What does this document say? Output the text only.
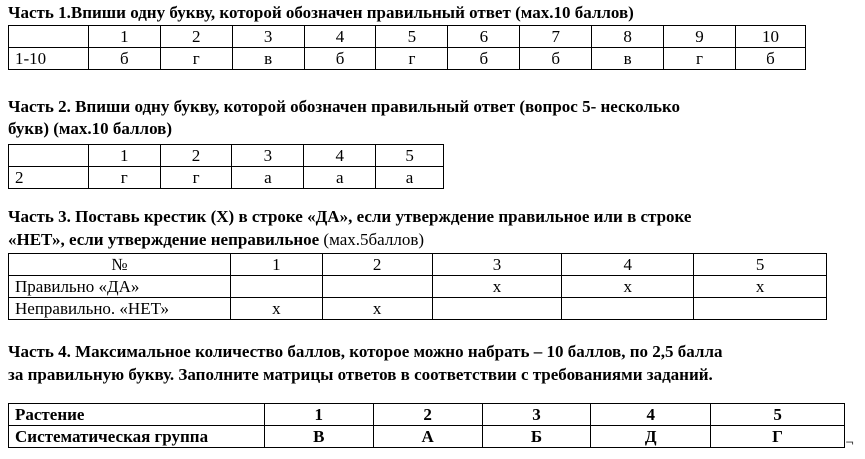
Часть 1.Впиши одну букву, которой обозначен правильный ответ (мах.10 баллов)
	1	2	3	4	5	6	7	8	9	10
1-10	б	г	в	б	г	б	б	в	г	б
Часть 2. Впиши одну букву, которой обозначен правильный ответ (вопрос 5- несколько
букв) (мах.10 баллов)
	1	2	3	4	5
2	г	г	а	а	а
Часть 3. Поставь крестик (Х) в строке «ДА», если утверждение правильное или в строке
«НЕТ», если утверждение неправильное (мах.5баллов)
№	1	2	3	4	5
Правильно «ДА»			х	х	х
Неправильно. «НЕТ»	х	х			
Часть 4. Максимальное количество баллов, которое можно набрать – 10 баллов, по 2,5 балла
за правильную букву. Заполните матрицы ответов в соответствии с требованиями заданий.
Растение	1	2	3	4	5
Систематическая группа	В	А	Б	Д	Г	¬
